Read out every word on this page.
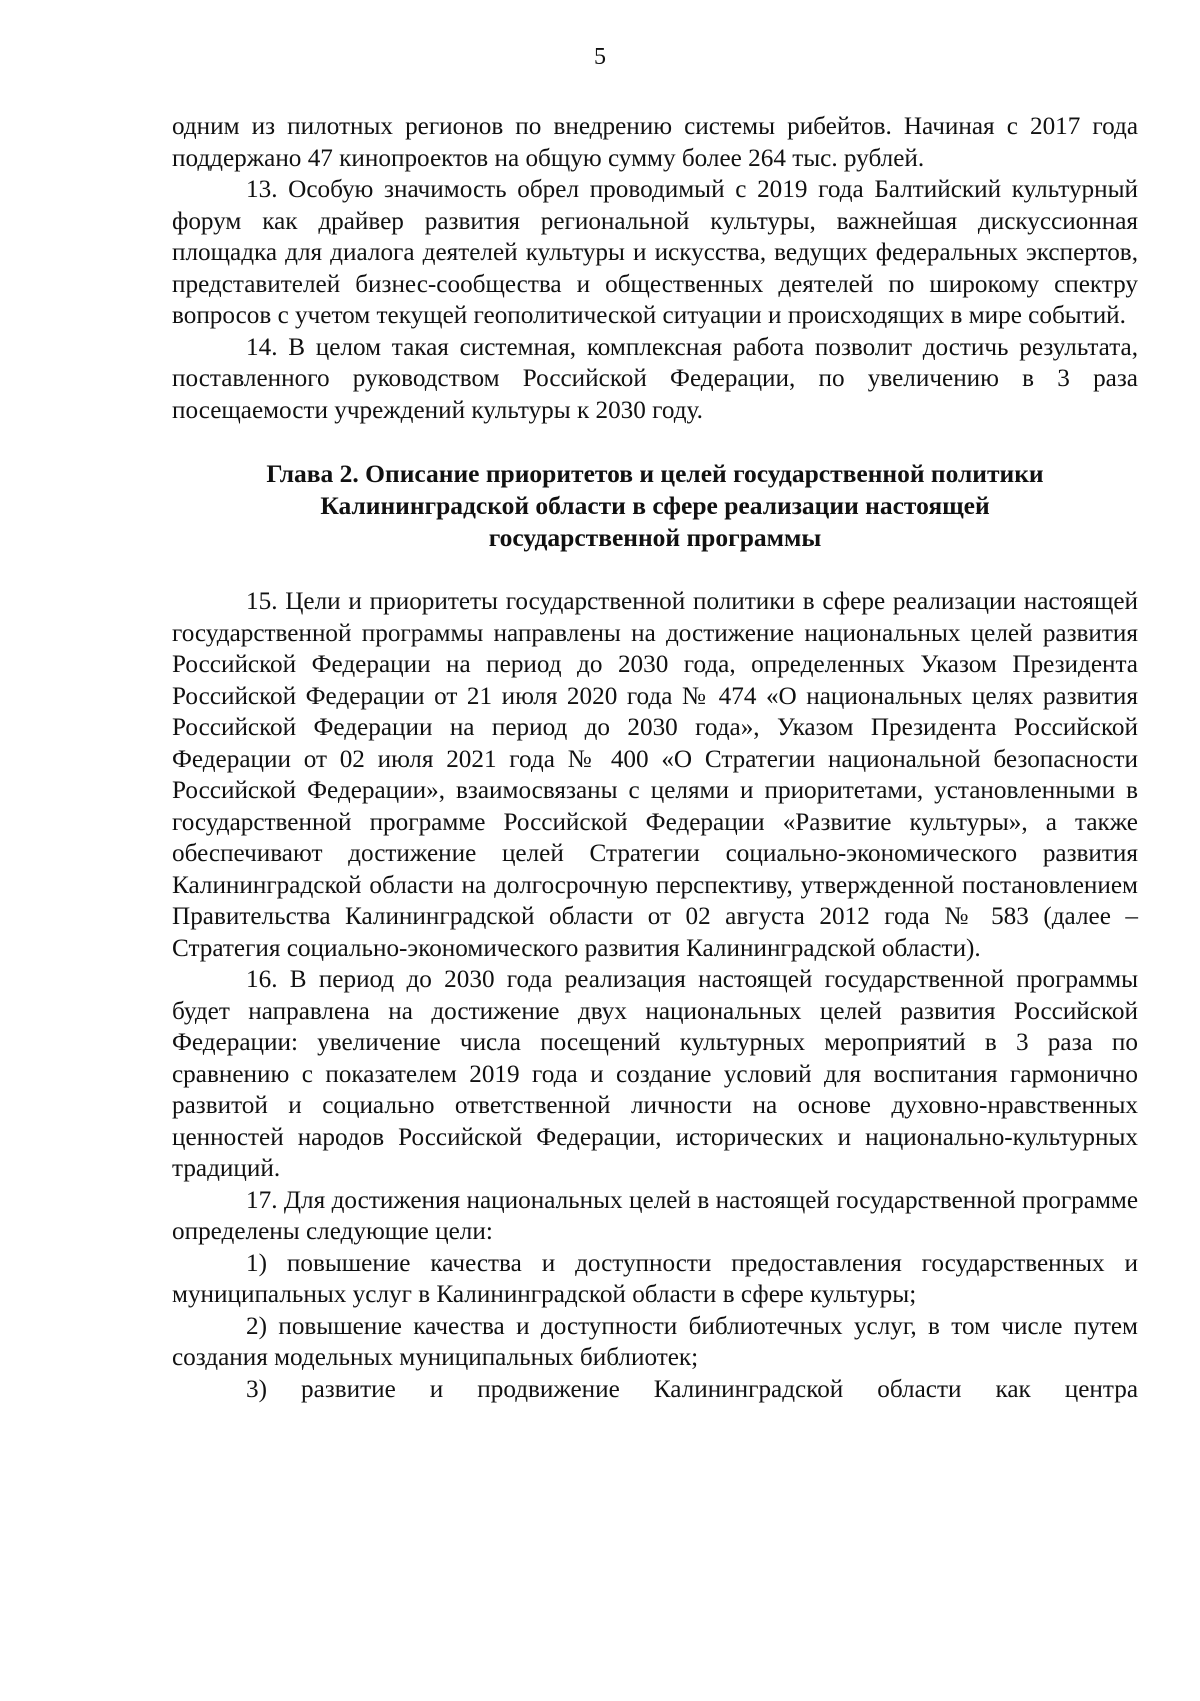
5

одним из пилотных регионов по внедрению системы рибейтов. Начиная с 2017 года поддержано 47 кинопроектов на общую сумму более 264 тыс. рублей.

13. Особую значимость обрел проводимый с 2019 года Балтийский культурный форум как драйвер развития региональной культуры, важнейшая дискуссионная площадка для диалога деятелей культуры и искусства, ведущих федеральных экспертов, представителей бизнес-сообщества и общественных деятелей по широкому спектру вопросов с учетом текущей геополитической ситуации и происходящих в мире событий.

14. В целом такая системная, комплексная работа позволит достичь результата, поставленного руководством Российской Федерации, по увеличению в 3 раза посещаемости учреждений культуры к 2030 году.

Глава 2. Описание приоритетов и целей государственной политики
Калининградской области в сфере реализации настоящей
государственной программы

15. Цели и приоритеты государственной политики в сфере реализации настоящей государственной программы направлены на достижение национальных целей развития Российской Федерации на период до 2030 года, определенных Указом Президента Российской Федерации от 21 июля 2020 года № 474 «О национальных целях развития Российской Федерации на период до 2030 года», Указом Президента Российской Федерации от 02 июля 2021 года № 400 «О Стратегии национальной безопасности Российской Федерации», взаимосвязаны с целями и приоритетами, установленными в государственной программе Российской Федерации «Развитие культуры», а также обеспечивают достижение целей Стратегии социально-экономического развития Калининградской области на долгосрочную перспективу, утвержденной постановлением Правительства Калининградской области от 02 августа 2012 года № 583 (далее – Стратегия социально-экономического развития Калининградской области).

16. В период до 2030 года реализация настоящей государственной программы будет направлена на достижение двух национальных целей развития Российской Федерации: увеличение числа посещений культурных мероприятий в 3 раза по сравнению с показателем 2019 года и создание условий для воспитания гармонично развитой и социально ответственной личности на основе духовно-нравственных ценностей народов Российской Федерации, исторических и национально-культурных традиций.

17. Для достижения национальных целей в настоящей государственной программе определены следующие цели:

1) повышение качества и доступности предоставления государственных и муниципальных услуг в Калининградской области в сфере культуры;

2) повышение качества и доступности библиотечных услуг, в том числе путем создания модельных муниципальных библиотек;

3) развитие и продвижение Калининградской области как центра
